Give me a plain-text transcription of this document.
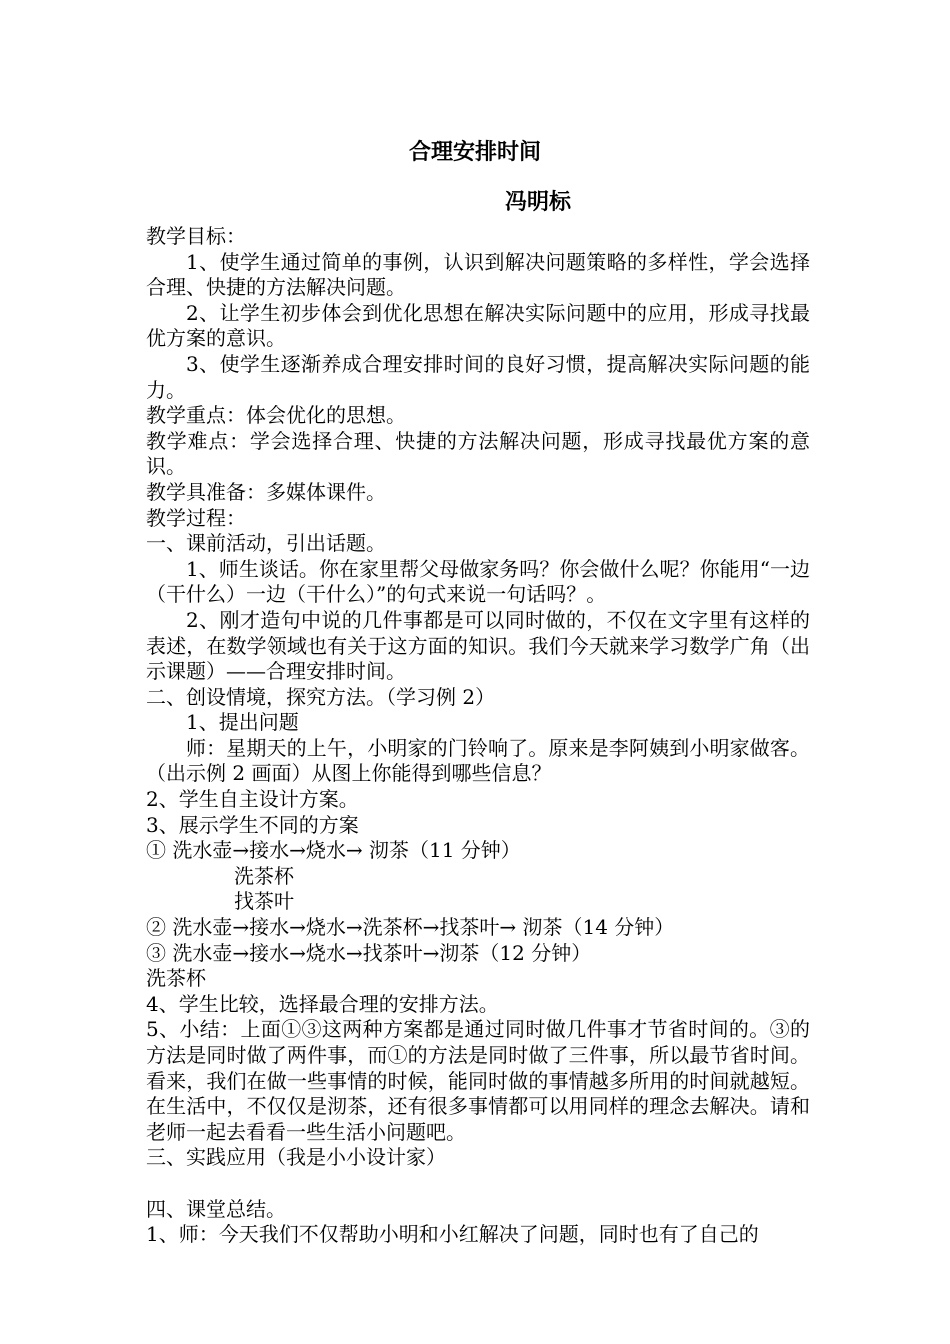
合理安排时间
冯明标

教学目标：

1、使学生通过简单的事例，认识到解决问题策略的多样性，学会选择合理、快捷的方法解决问题。

2、让学生初步体会到优化思想在解决实际问题中的应用，形成寻找最优方案的意识。

3、使学生逐渐养成合理安排时间的良好习惯，提高解决实际问题的能力。

教学重点：体会优化的思想。

教学难点：学会选择合理、快捷的方法解决问题，形成寻找最优方案的意识。

教学具准备：多媒体课件。

教学过程：

一、课前活动，引出话题。

1、师生谈话。你在家里帮父母做家务吗？你会做什么呢？你能用“一边（干什么）一边（干什么）”的句式来说一句话吗？。

2、刚才造句中说的几件事都是可以同时做的，不仅在文字里有这样的表述，在数学领域也有关于这方面的知识。我们今天就来学习数学广角（出示课题）——合理安排时间。

二、创设情境，探究方法。（学习例 2）

1、提出问题

师：星期天的上午，小明家的门铃响了。原来是李阿姨到小明家做客。（出示例 2 画面）从图上你能得到哪些信息？

2、学生自主设计方案。

3、展示学生不同的方案

① 洗水壶→接水→烧水→ 沏茶（11 分钟）

洗茶杯

找茶叶

② 洗水壶→接水→烧水→洗茶杯→找茶叶→ 沏茶（14 分钟）

③ 洗水壶→接水→烧水→找茶叶→沏茶（12 分钟）

洗茶杯

4、学生比较，选择最合理的安排方法。

5、小结：上面①③这两种方案都是通过同时做几件事才节省时间的。③的方法是同时做了两件事，而①的方法是同时做了三件事，所以最节省时间。看来，我们在做一些事情的时候，能同时做的事情越多所用的时间就越短。在生活中，不仅仅是沏茶，还有很多事情都可以用同样的理念去解决。请和老师一起去看看一些生活小问题吧。

三、实践应用（我是小小设计家）

四、课堂总结。

1、师：今天我们不仅帮助小明和小红解决了问题，同时也有了自己的
